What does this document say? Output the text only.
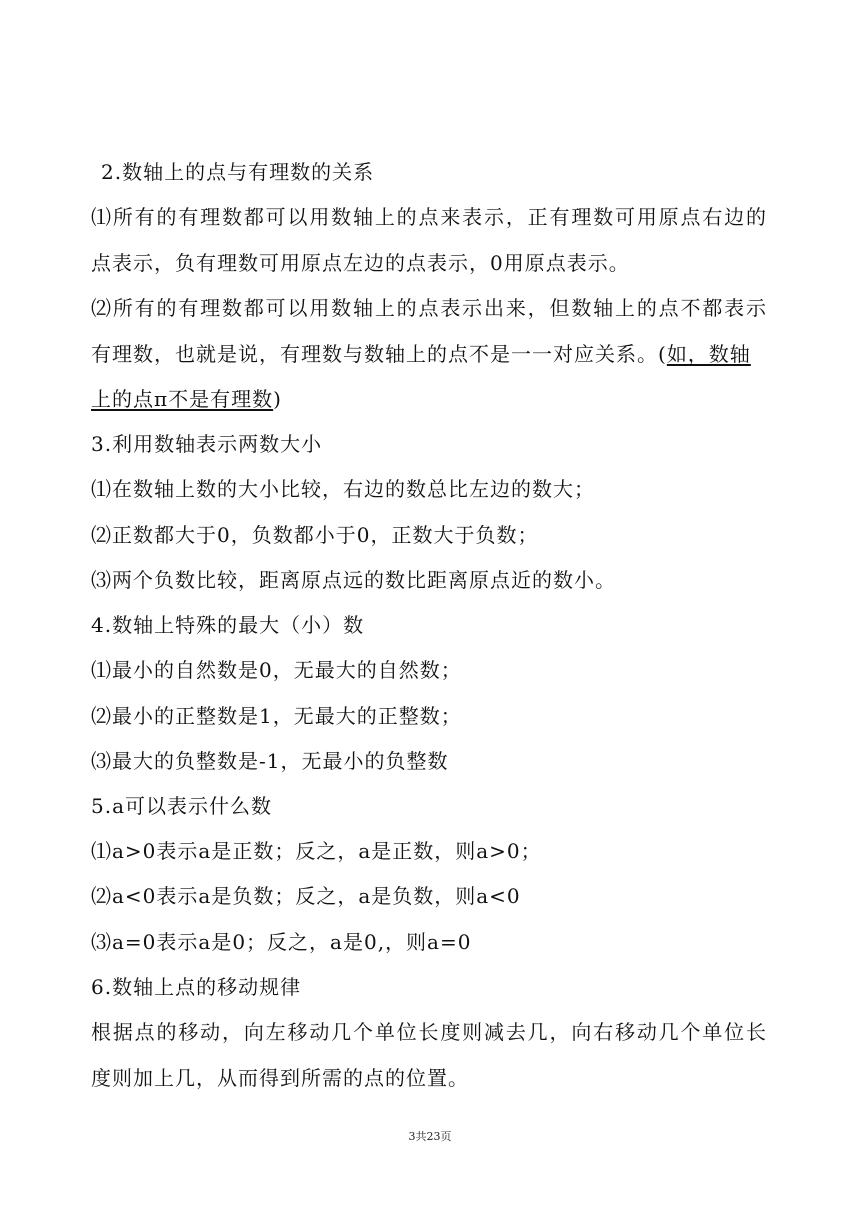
2.数轴上的点与有理数的关系
⑴所有的有理数都可以用数轴上的点来表示，正有理数可用原点右边的
点表示，负有理数可用原点左边的点表示，0用原点表示。
⑵所有的有理数都可以用数轴上的点表示出来，但数轴上的点不都表示
有理数，也就是说，有理数与数轴上的点不是一一对应关系。(如，数轴
上的点π不是有理数)
3.利用数轴表示两数大小
⑴在数轴上数的大小比较，右边的数总比左边的数大；
⑵正数都大于0，负数都小于0，正数大于负数；
⑶两个负数比较，距离原点远的数比距离原点近的数小。
4.数轴上特殊的最大（小）数
⑴最小的自然数是0，无最大的自然数；
⑵最小的正整数是1，无最大的正整数；
⑶最大的负整数是-1，无最小的负整数
5.a可以表示什么数
⑴a>0表示a是正数；反之，a是正数，则a>0；
⑵a<0表示a是负数；反之，a是负数，则a<0
⑶a=0表示a是0；反之，a是0,，则a=0
6.数轴上点的移动规律
根据点的移动，向左移动几个单位长度则减去几，向右移动几个单位长
度则加上几，从而得到所需的点的位置。
3共23页
